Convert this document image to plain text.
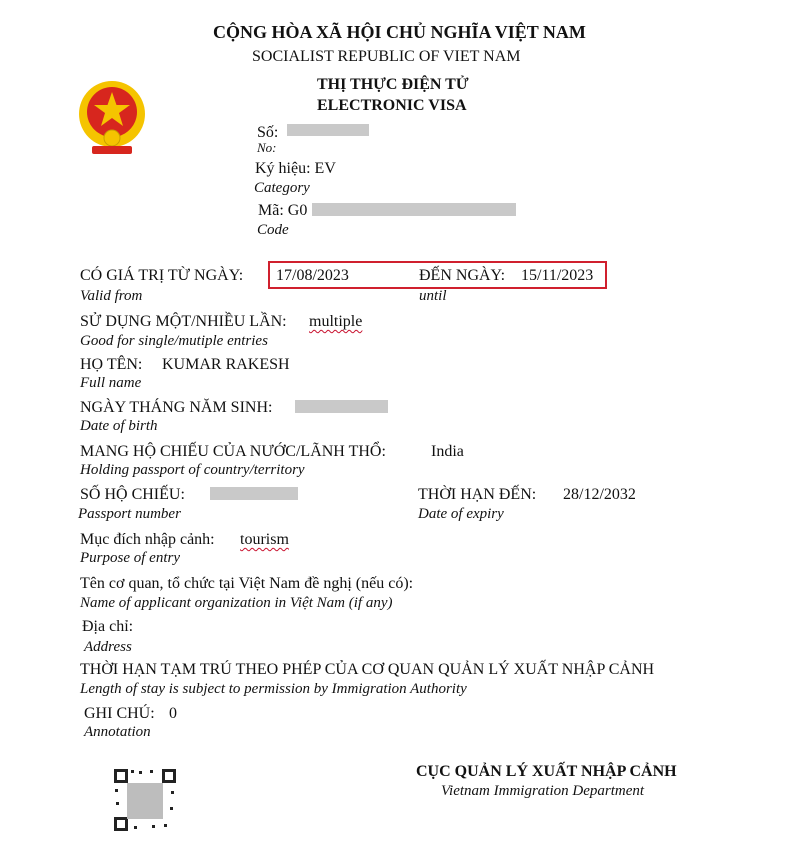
CỘNG HÒA XÃ HỘI CHỦ NGHĨA VIỆT NAM
SOCIALIST REPUBLIC OF VIET NAM
THỊ THỰC ĐIỆN TỬ
ELECTRONIC VISA
Số:
No:
Ký hiệu: EV
Category
Mã: G0
Code
CÓ GIÁ TRỊ TỪ NGÀY: 17/08/2023	ĐẾN NGÀY: 15/11/2023
Valid from	until
SỬ DỤNG MỘT/NHIỀU LẦN: multiple
Good for single/mutiple entries
HỌ TÊN: KUMAR RAKESH
Full name
NGÀY THÁNG NĂM SINH:
Date of birth
MANG HỘ CHIẾU CỦA NƯỚC/LÃNH THỔ:	India
Holding passport of country/territory
SỐ HỘ CHIẾU:	THỜI HẠN ĐẾN: 28/12/2032
Passport number	Date of expiry
Mục đích nhập cảnh: tourism
Purpose of entry
Tên cơ quan, tổ chức tại Việt Nam đề nghị (nếu có):
Name of applicant organization in Việt Nam (if any)
Địa chỉ:
Address
THỜI HẠN TẠM TRÚ THEO PHÉP CỦA CƠ QUAN QUẢN LÝ XUẤT NHẬP CẢNH
Length of stay is subject to permission by Immigration Authority
GHI CHÚ: 0
Annotation
CỤC QUẢN LÝ XUẤT NHẬP CẢNH
Vietnam Immigration Department
